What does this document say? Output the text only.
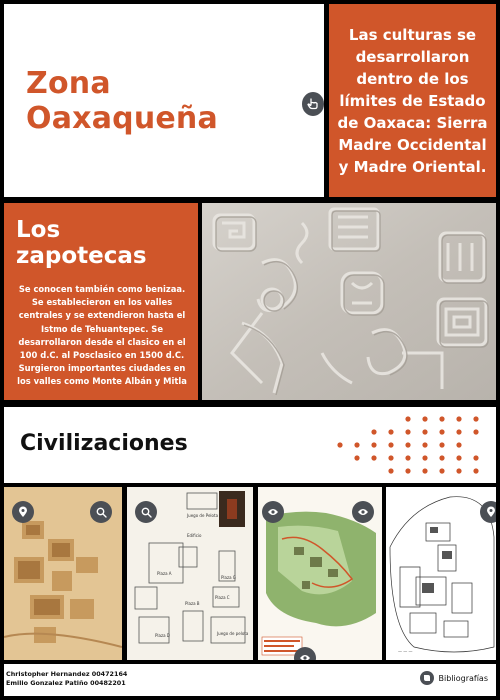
Zona Oaxaqueña

Las culturas se desarrollaron dentro de los límites de Estado de Oaxaca: Sierra Madre Occidental y Madre Oriental.

Los zapotecas

Se conocen también como benizaa. Se establecieron en los valles centrales y se extendieron hasta el Istmo de Tehuantepec. Se desarrollaron desde el clasico en el 100 d.C. al Posclasico en 1500 d.C. Surgieron importantes ciudades en los valles como Monte Albán y Mitla

Civilizaciones
Juego de Pelota
Edificio
Plaza D	Juego de pelota
Plaza G
Plaza A
Plaza B
Plaza C
— — —
Christopher Hernandez 00472164
Emilio Gonzalez Patiño 00482201
Bibliografías
